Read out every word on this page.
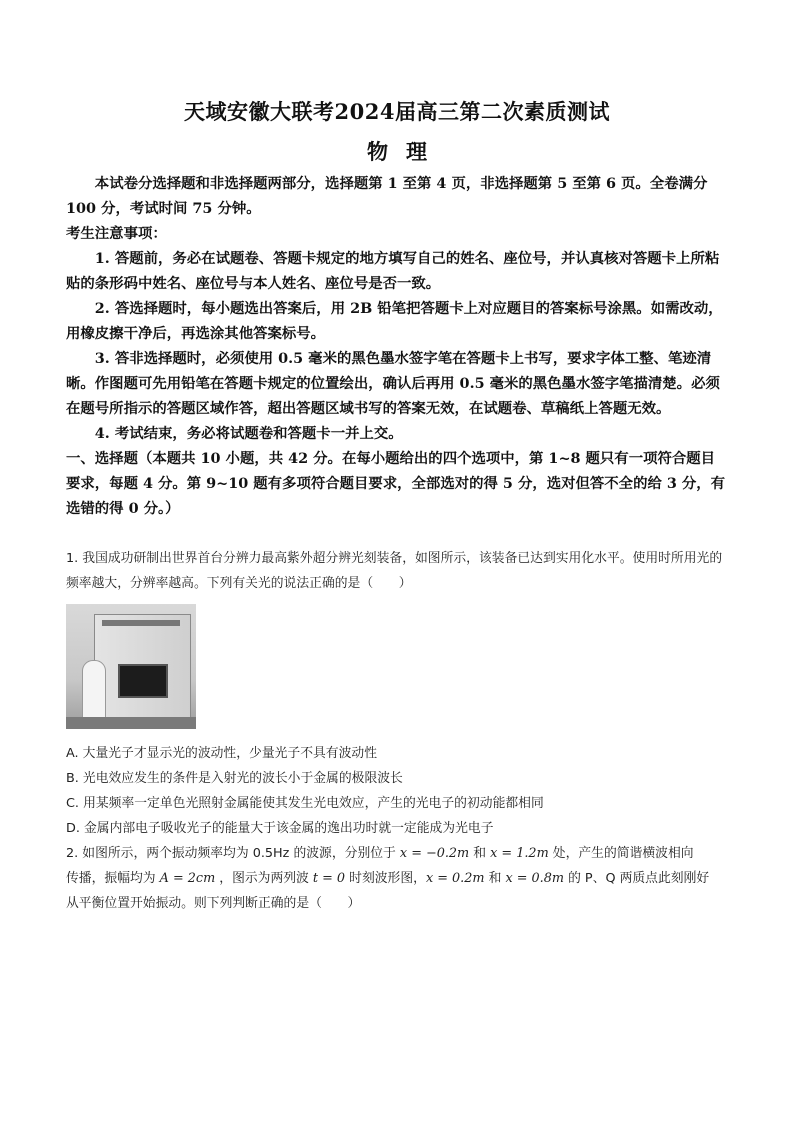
天域安徽大联考2024届高三第二次素质测试
物理

本试卷分选择题和非选择题两部分，选择题第 1 至第 4 页，非选择题第 5 至第 6 页。全卷满分 100 分，考试时间 75 分钟。

考生注意事项：

1. 答题前，务必在试题卷、答题卡规定的地方填写自己的姓名、座位号，并认真核对答题卡上所粘贴的条形码中姓名、座位号与本人姓名、座位号是否一致。

2. 答选择题时，每小题选出答案后，用 2B 铅笔把答题卡上对应题目的答案标号涂黑。如需改动，用橡皮擦干净后，再选涂其他答案标号。

3. 答非选择题时，必须使用 0.5 毫米的黑色墨水签字笔在答题卡上书写，要求字体工整、笔迹清晰。作图题可先用铅笔在答题卡规定的位置绘出，确认后再用 0.5 毫米的黑色墨水签字笔描清楚。必须在题号所指示的答题区域作答，超出答题区域书写的答案无效，在试题卷、草稿纸上答题无效。

4. 考试结束，务必将试题卷和答题卡一并上交。

一、选择题（本题共 10 小题，共 42 分。在每小题给出的四个选项中，第 1~8 题只有一项符合题目要求，每题 4 分。第 9~10 题有多项符合题目要求，全部选对的得 5 分，选对但答不全的给 3 分，有选错的得 0 分。）

1. 我国成功研制出世界首台分辨力最高紫外超分辨光刻装备，如图所示，该装备已达到实用化水平。使用时所用光的频率越大，分辨率越高。下列有关光的说法正确的是（　　）

A. 大量光子才显示光的波动性，少量光子不具有波动性

B. 光电效应发生的条件是入射光的波长小于金属的极限波长

C. 用某频率一定单色光照射金属能使其发生光电效应，产生的光电子的初动能都相同

D. 金属内部电子吸收光子的能量大于该金属的逸出功时就一定能成为光电子

2. 如图所示，两个振动频率均为 0.5Hz 的波源，分别位于 x = −0.2m 和 x = 1.2m 处，产生的简谐横波相向

传播，振幅均为 A = 2cm ，图示为两列波 t = 0 时刻波形图，x = 0.2m 和 x = 0.8m 的 P、Q 两质点此刻刚好

从平衡位置开始振动。则下列判断正确的是（　　）
